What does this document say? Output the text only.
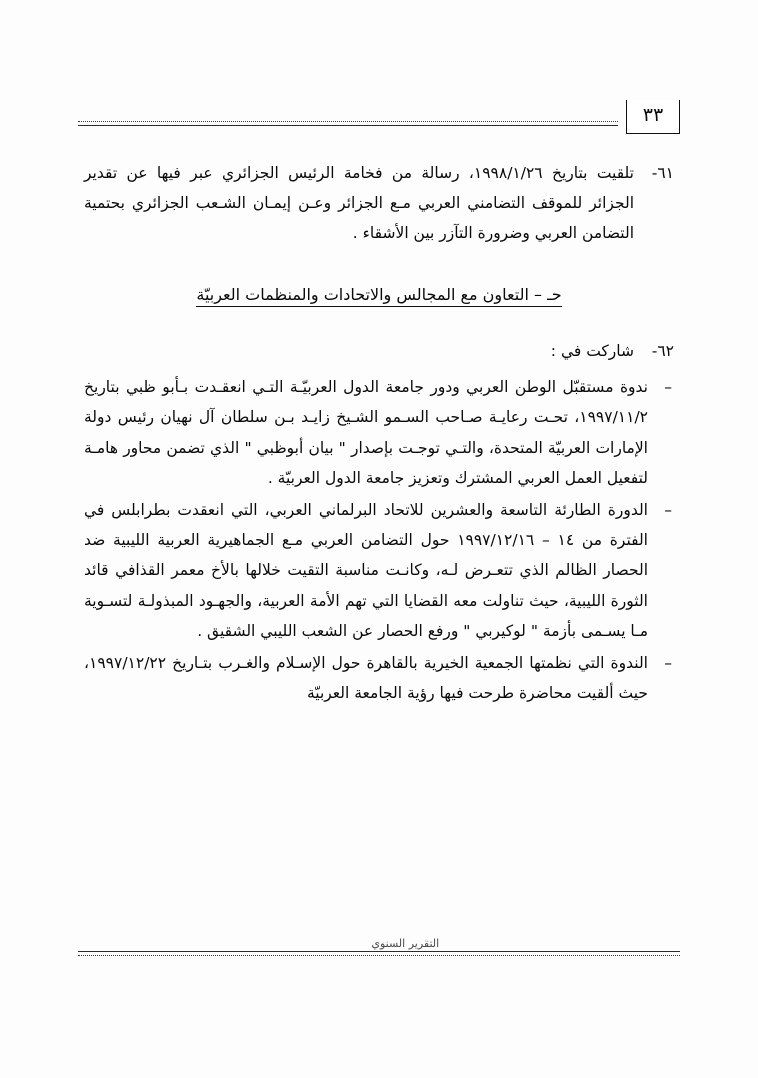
٣٣
٦١-
تلقيت بتاريخ ١٩٩٨/١/٢٦، رسالة من فخامة الرئيس الجزائري عبر فيها عن تقدير الجزائر للموقف التضامني العربي مـع الجزائر وعـن إيمـان الشـعب الجزائري بحتمية التضامن العربي وضرورة التآزر بين الأشقاء .
حـ – التعاون مع المجالس والاتحادات والمنظمات العربيّة
٦٢-
شاركت في :
–
ندوة مستقبّل الوطن العربي ودور جامعة الدول العربيّـة التـي انعقـدت بـأبو ظبي بتاريخ ١٩٩٧/١١/٢، تحـت رعايـة صـاحب السـمو الشـيخ زايـد بـن سلطان آل نهيان رئيس دولة الإمارات العربيّة المتحدة، والتـي توجـت بإصدار " بيان أبوظبي " الذي تضمن محاور هامـة لتفعيل العمل العربي المشترك وتعزيز جامعة الدول العربيّة .
–
الدورة الطارئة التاسعة والعشرين للاتحاد البرلماني العربي، التي انعقدت بطرابلس في الفترة من ١٤ – ١٩٩٧/١٢/١٦ حول التضامن العربي مـع الجماهيرية العربية الليبية ضد الحصار الظالم الذي تتعـرض لـه، وكانـت مناسبة التقيت خلالها بالأخ معمر القذافي قائد الثورة الليبية، حيث تناولت معه القضايا التي تهم الأمة العربية، والجهـود المبذولـة لتسـوية مـا يسـمى بأزمة " لوكيربي " ورفع الحصار عن الشعب الليبي الشقيق .
–
الندوة التي نظمتها الجمعية الخيرية بالقاهرة حول الإسـلام والغـرب بتـاريخ ١٩٩٧/١٢/٢٢، حيث ألقيت محاضرة طرحت فيها رؤية الجامعة العربيّة
التقرير السنوي
